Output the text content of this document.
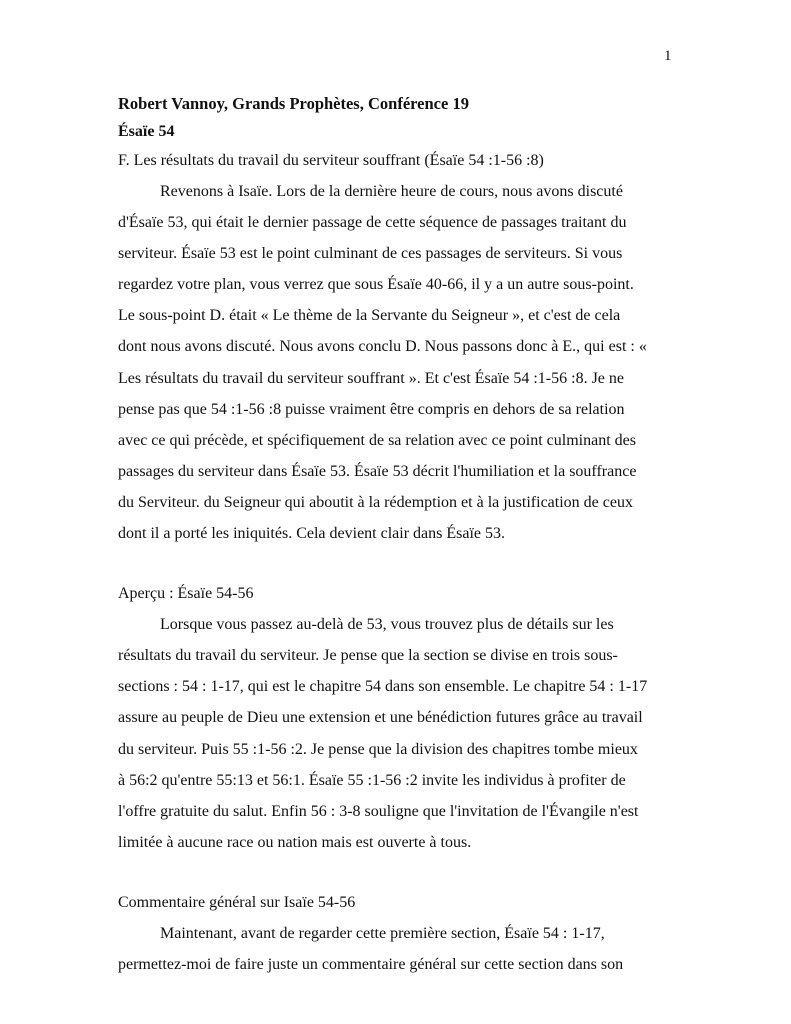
1

Robert Vannoy, Grands Prophètes, Conférence 19

Ésaïe 54

F. Les résultats du travail du serviteur souffrant (Ésaïe 54 :1-56 :8)

Revenons à Isaïe. Lors de la dernière heure de cours, nous avons discuté
d'Ésaïe 53, qui était le dernier passage de cette séquence de passages traitant du
serviteur. Ésaïe 53 est le point culminant de ces passages de serviteurs. Si vous
regardez votre plan, vous verrez que sous Ésaïe 40-66, il y a un autre sous-point.
Le sous-point D. était « Le thème de la Servante du Seigneur », et c'est de cela
dont nous avons discuté. Nous avons conclu D. Nous passons donc à E., qui est : «
Les résultats du travail du serviteur souffrant ». Et c'est Ésaïe 54 :1-56 :8. Je ne
pense pas que 54 :1-56 :8 puisse vraiment être compris en dehors de sa relation
avec ce qui précède, et spécifiquement de sa relation avec ce point culminant des
passages du serviteur dans Ésaïe 53. Ésaïe 53 décrit l'humiliation et la souffrance
du Serviteur. du Seigneur qui aboutit à la rédemption et à la justification de ceux
dont il a porté les iniquités. Cela devient clair dans Ésaïe 53.

Aperçu : Ésaïe 54-56

Lorsque vous passez au-delà de 53, vous trouvez plus de détails sur les
résultats du travail du serviteur. Je pense que la section se divise en trois sous-
sections : 54 : 1-17, qui est le chapitre 54 dans son ensemble. Le chapitre 54 : 1-17
assure au peuple de Dieu une extension et une bénédiction futures grâce au travail
du serviteur. Puis 55 :1-56 :2. Je pense que la division des chapitres tombe mieux
à 56:2 qu'entre 55:13 et 56:1. Ésaïe 55 :1-56 :2 invite les individus à profiter de
l'offre gratuite du salut. Enfin 56 : 3-8 souligne que l'invitation de l'Évangile n'est
limitée à aucune race ou nation mais est ouverte à tous.

Commentaire général sur Isaïe 54-56

Maintenant, avant de regarder cette première section, Ésaïe 54 : 1-17,
permettez-moi de faire juste un commentaire général sur cette section dans son
